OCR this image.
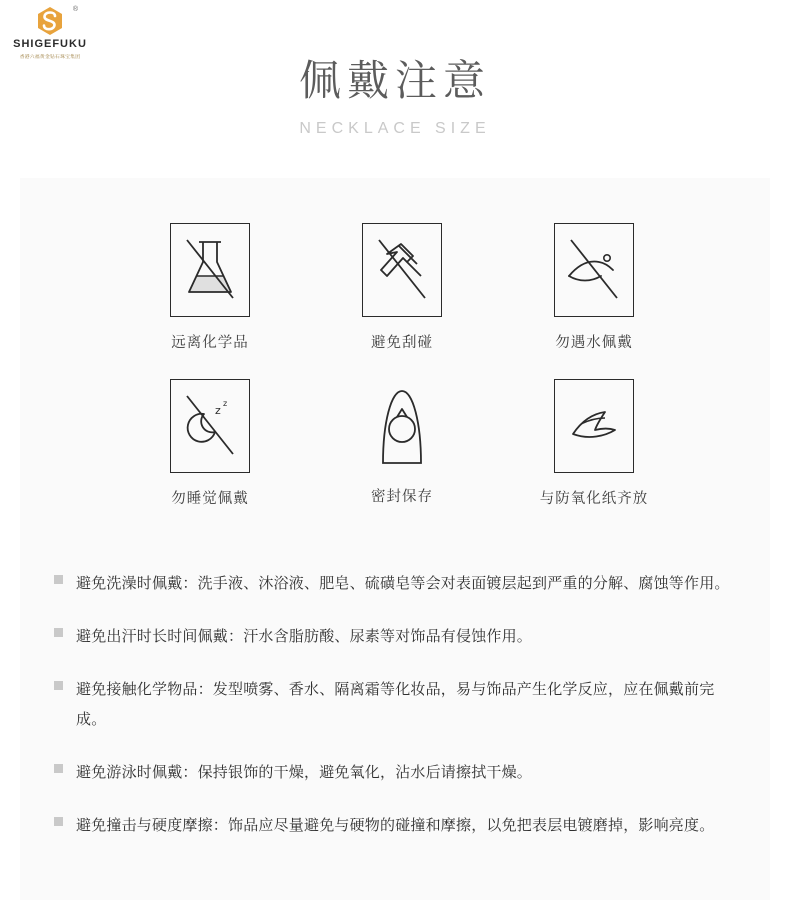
®
SHIGEFUKU
香港六福黄金钻石珠宝集团	佩戴注意
NECKLACE SIZE
远离化学品	避免刮碰	勿遇水佩戴
z
z
勿睡觉佩戴	密封保存	与防氧化纸齐放
避免洗澡时佩戴：洗手液、沐浴液、肥皂、硫磺皂等会对表面镀层起到严重的分解、腐蚀等作用。
避免出汗时长时间佩戴：汗水含脂肪酸、尿素等对饰品有侵蚀作用。
避免接触化学物品：发型喷雾、香水、隔离霜等化妆品，易与饰品产生化学反应，应在佩戴前完成。
避免游泳时佩戴：保持银饰的干燥，避免氧化，沾水后请擦拭干燥。
避免撞击与硬度摩擦：饰品应尽量避免与硬物的碰撞和摩擦，以免把表层电镀磨掉，影响亮度。
